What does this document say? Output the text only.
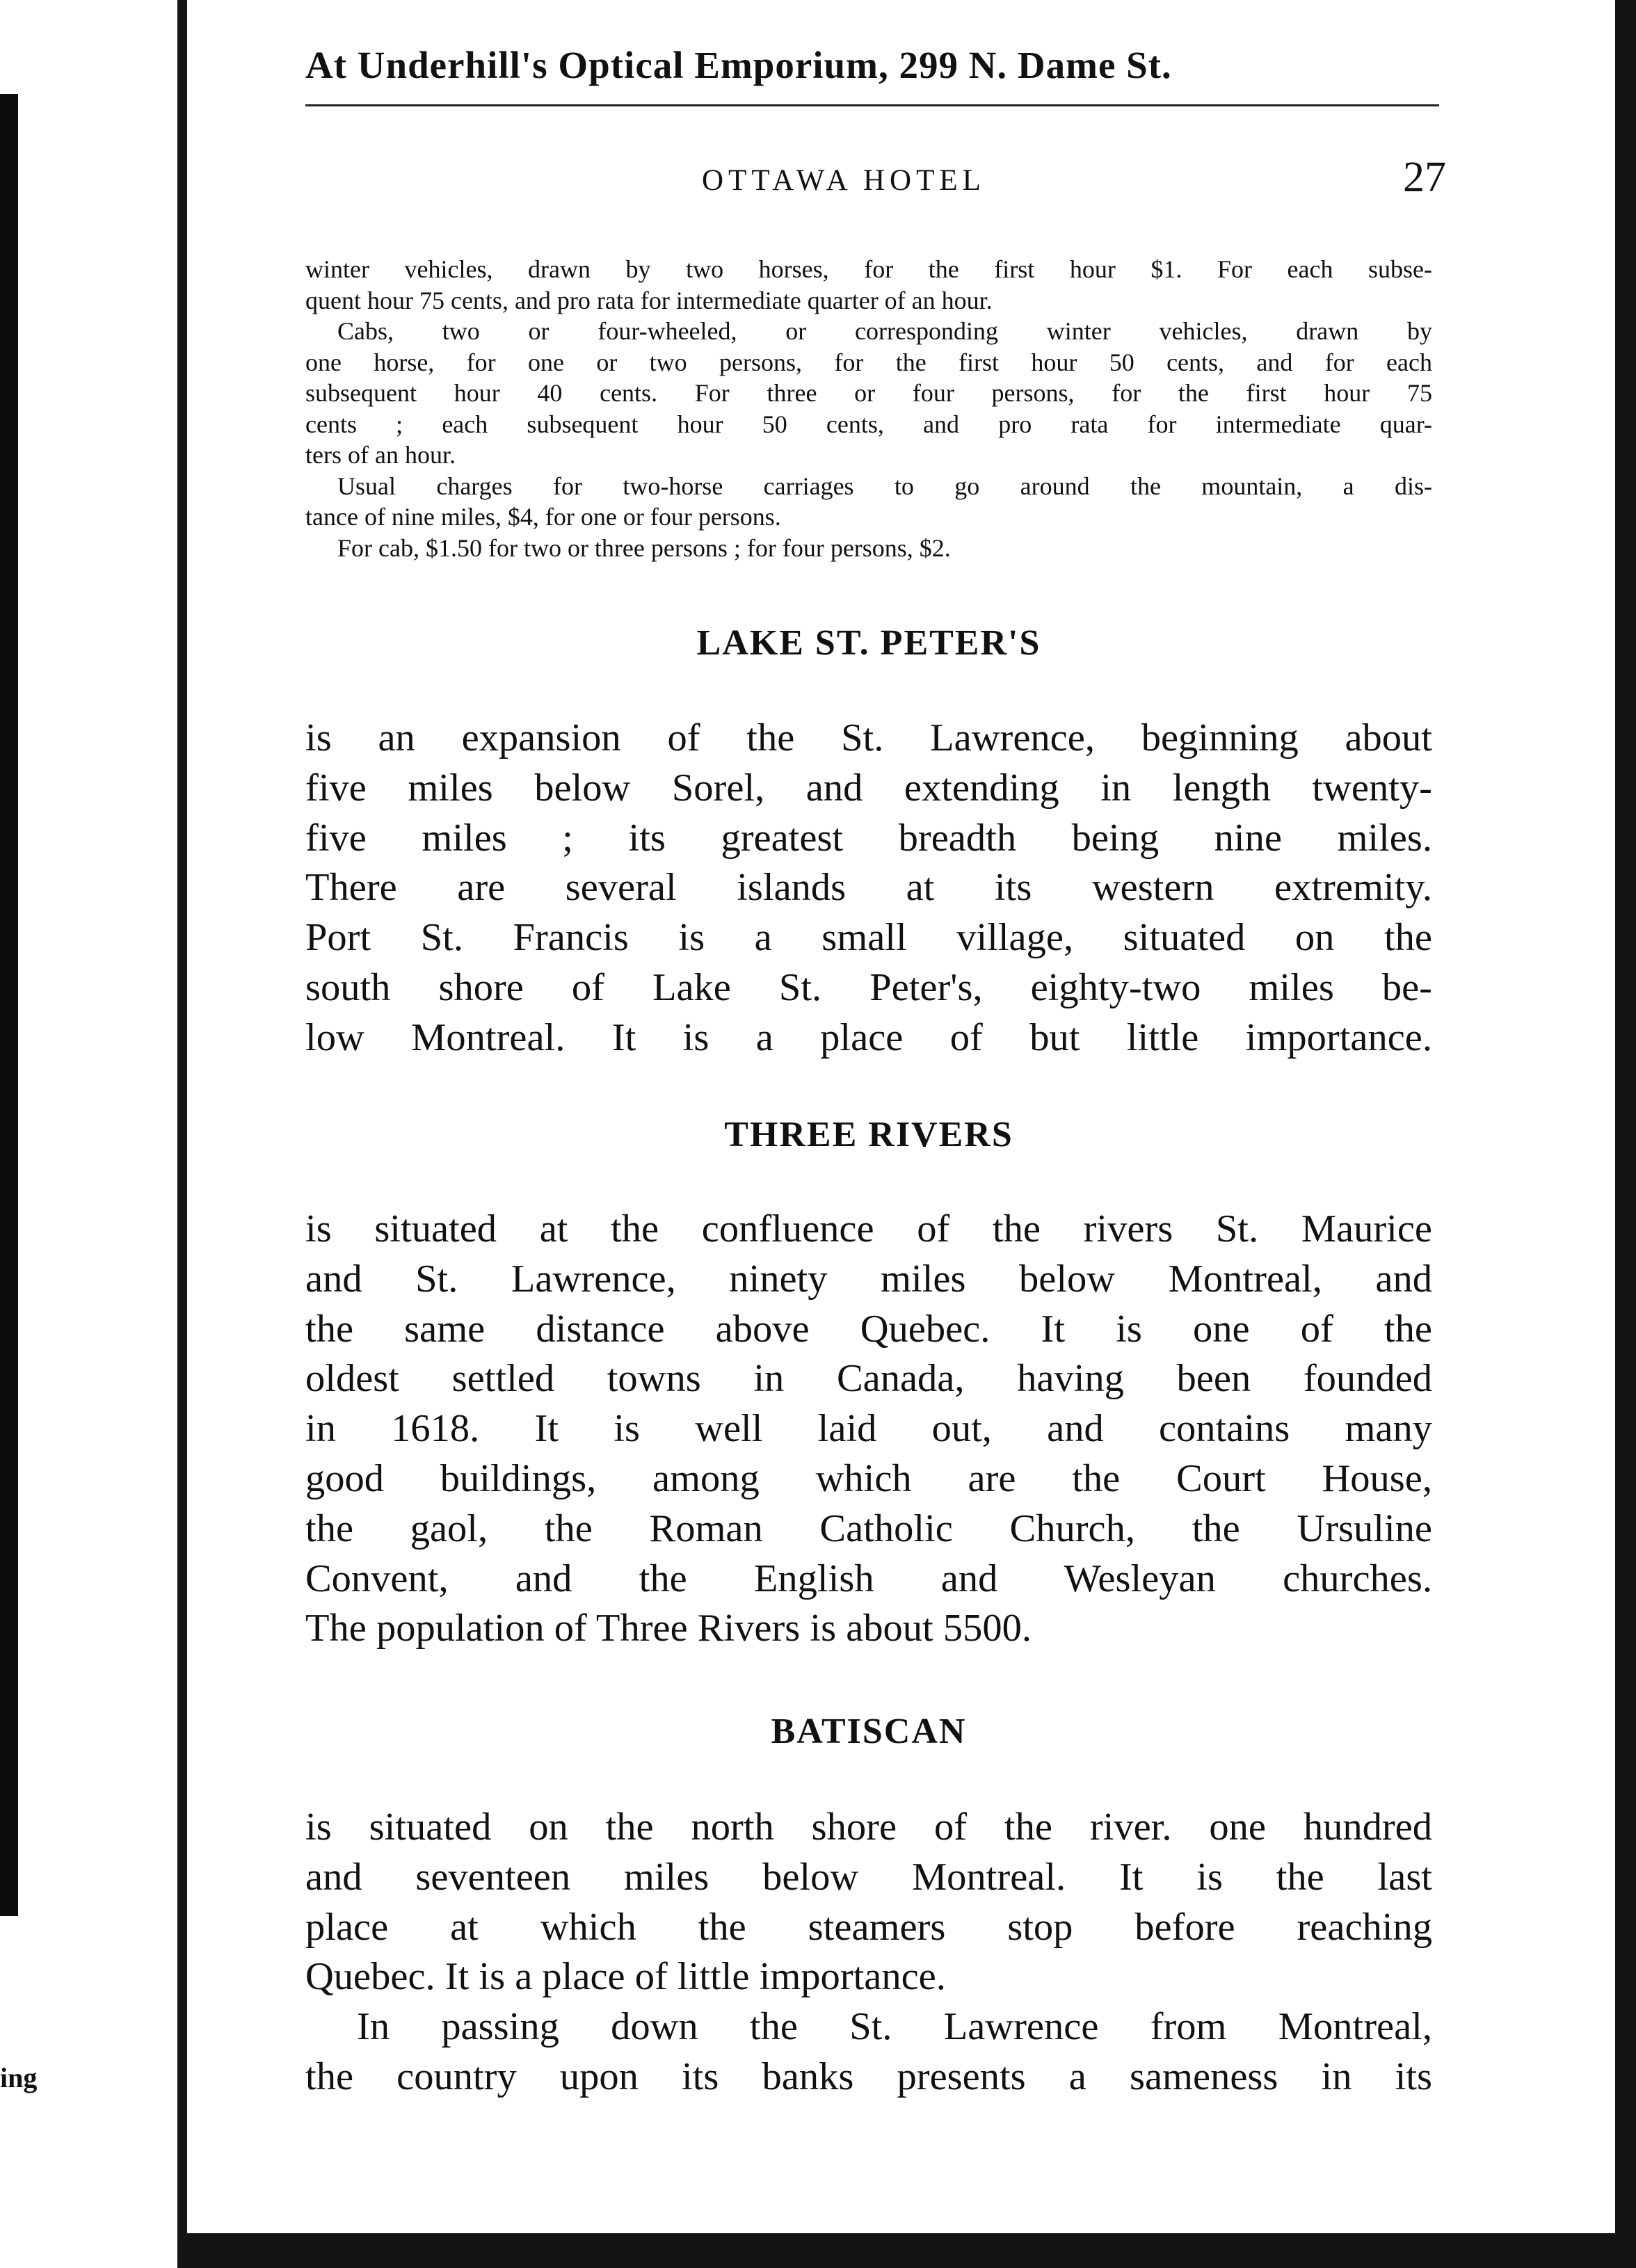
ing
At Underhill's Optical Emporium, 299 N. Dame St.
OTTAWA HOTEL	27
winter vehicles, drawn by two horses, for the first hour $1. For each subse-
quent hour 75 cents, and pro rata for intermediate quarter of an hour.
Cabs, two or four-wheeled, or corresponding winter vehicles, drawn by
one horse, for one or two persons, for the first hour 50 cents, and for each
subsequent hour 40 cents. For three or four persons, for the first hour 75
cents ; each subsequent hour 50 cents, and pro rata for intermediate quar-
ters of an hour.
Usual charges for two-horse carriages to go around the mountain, a dis-
tance of nine miles, $4, for one or four persons.
For cab, $1.50 for two or three persons ; for four persons, $2.
LAKE ST. PETER'S
is an expansion of the St. Lawrence, beginning about
five miles below Sorel, and extending in length twenty-
five miles ; its greatest breadth being nine miles.
There are several islands at its western extremity.
Port St. Francis is a small village, situated on the
south shore of Lake St. Peter's, eighty-two miles be-
low Montreal. It is a place of but little importance.
THREE RIVERS
is situated at the confluence of the rivers St. Maurice
and St. Lawrence, ninety miles below Montreal, and
the same distance above Quebec. It is one of the
oldest settled towns in Canada, having been founded
in 1618. It is well laid out, and contains many
good buildings, among which are the Court House,
the gaol, the Roman Catholic Church, the Ursuline
Convent, and the English and Wesleyan churches.
The population of Three Rivers is about 5500.
BATISCAN
is situated on the north shore of the river. one hundred
and seventeen miles below Montreal. It is the last
place at which the steamers stop before reaching
Quebec. It is a place of little importance.
In passing down the St. Lawrence from Montreal,
the country upon its banks presents a sameness in its
